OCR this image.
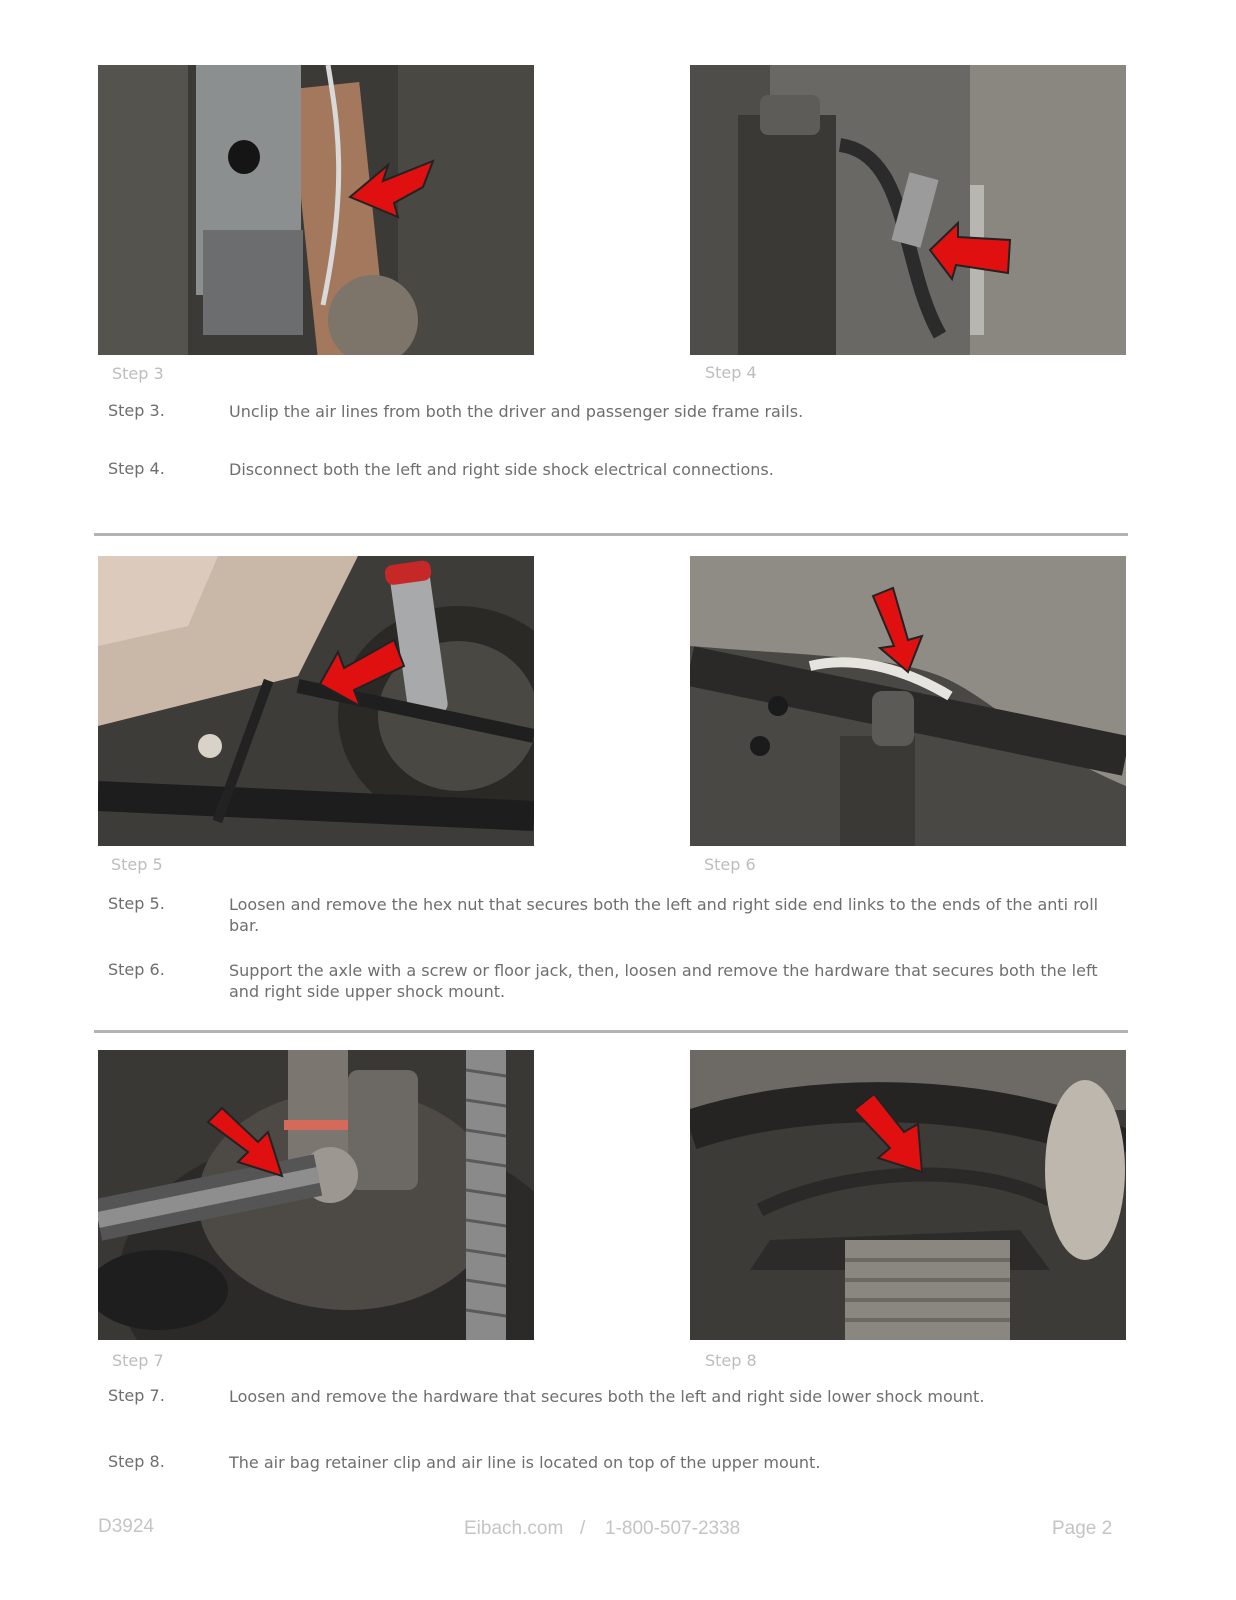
Step 3	Step 4
Step 3.	Unclip the air lines from both the driver and passenger side frame rails.
Step 4.	Disconnect both the left and right side shock electrical connections.
Step 5	Step 6
Step 5.	Loosen and remove the hex nut that secures both the left and right side end links to the ends of the anti roll bar.
Step 6.	Support the axle with a screw or floor jack, then, loosen and remove the hardware that secures both the left and right side upper shock mount.
Step 7	Step 8
Step 7.	Loosen and remove the hardware that secures both the left and right side lower shock mount.
Step 8.	The air bag retainer clip and air line is located on top of the upper mount.
D3924	Eibach.com / 1-800-507-2338	Page 2
